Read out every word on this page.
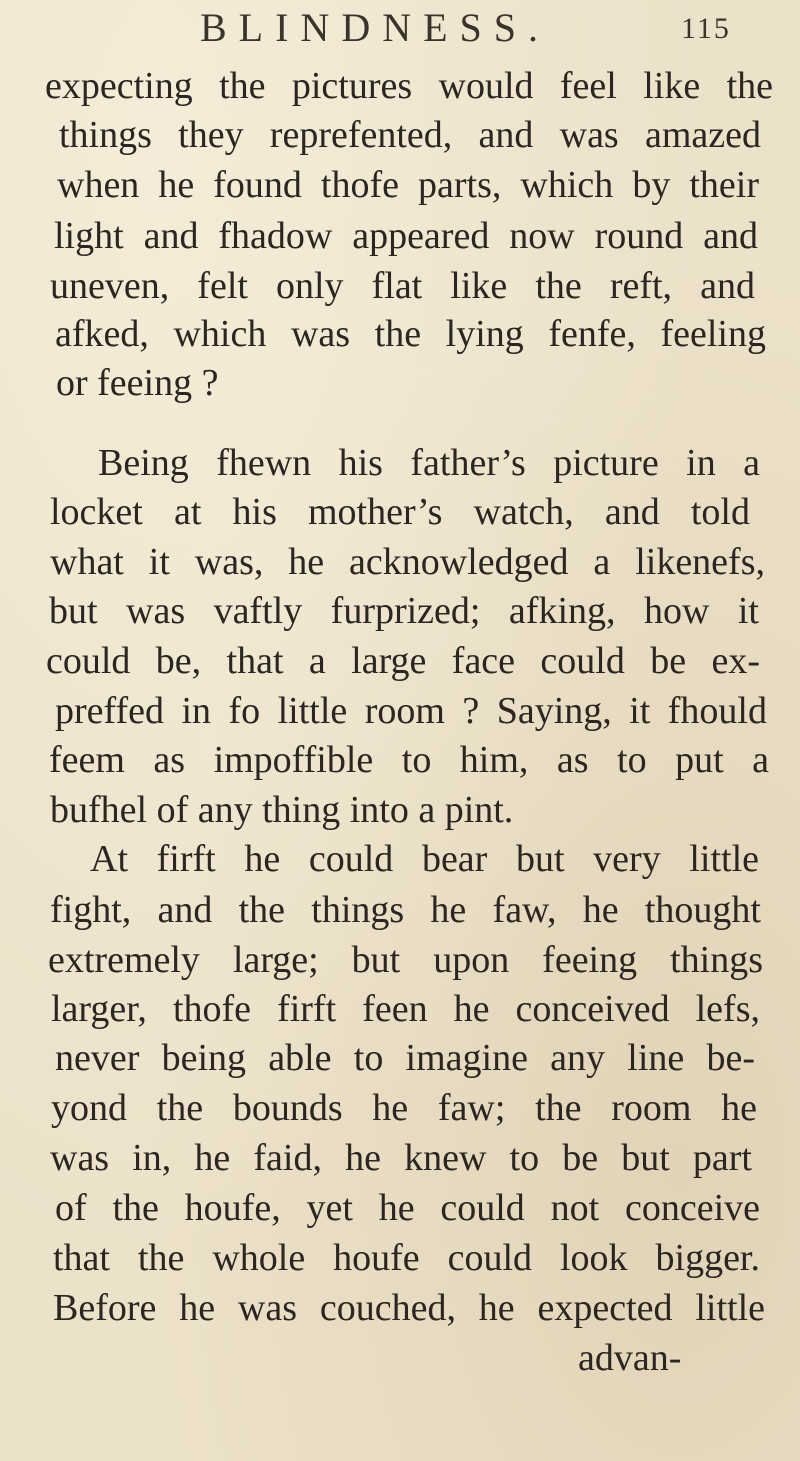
BLINDNESS.	115
expecting the pictures would feel like the
things they reprefented, and was amazed
when he found thofe parts, which by their
light and fhadow appeared now round and
uneven, felt only flat like the reft, and
afked, which was the lying fenfe, feeling
or feeing ?
Being fhewn his father’s picture in a
locket at his mother’s watch, and told
what it was, he acknowledged a likenefs,
but was vaftly furprized; afking, how it
could be, that a large face could be ex-
preffed in fo little room ? Saying, it fhould
feem as impoffible to him, as to put a
bufhel of any thing into a pint.
At firft he could bear but very little
fight, and the things he faw, he thought
extremely large; but upon feeing things
larger, thofe firft feen he conceived lefs,
never being able to imagine any line be-
yond the bounds he faw; the room he
was in, he faid, he knew to be but part
of the houfe, yet he could not conceive
that the whole houfe could look bigger.
Before he was couched, he expected little
advan-
